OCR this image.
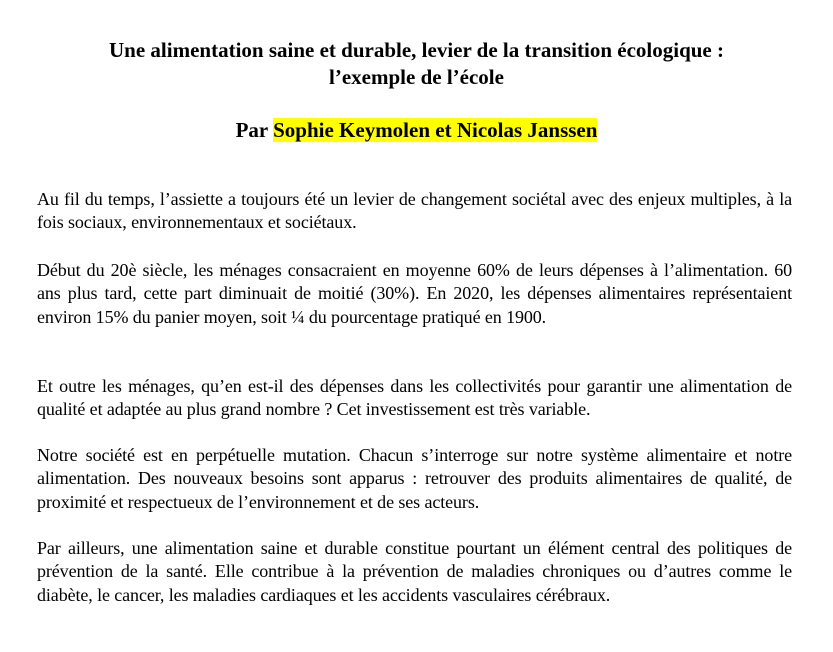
Une alimentation saine et durable, levier de la transition écologique :
l’exemple de l’école

Par Sophie Keymolen et Nicolas Janssen

Au fil du temps, l’assiette a toujours été un levier de changement sociétal avec des enjeux multiples, à la fois sociaux, environnementaux et sociétaux.

Début du 20è siècle, les ménages consacraient en moyenne 60% de leurs dépenses à l’alimentation. 60 ans plus tard, cette part diminuait de moitié (30%). En 2020, les dépenses alimentaires représentaient environ 15% du panier moyen, soit ¼ du pourcentage pratiqué en 1900.

Et outre les ménages, qu’en est-il des dépenses dans les collectivités pour garantir une alimentation de qualité et adaptée au plus grand nombre ? Cet investissement est très variable.

Notre société est en perpétuelle mutation. Chacun s’interroge sur notre système alimentaire et notre alimentation. Des nouveaux besoins sont apparus : retrouver des produits alimentaires de qualité, de proximité et respectueux de l’environnement et de ses acteurs.

Par ailleurs, une alimentation saine et durable constitue pourtant un élément central des politiques de prévention de la santé. Elle contribue à la prévention de maladies chroniques ou d’autres comme le diabète, le cancer, les maladies cardiaques et les accidents vasculaires cérébraux.
